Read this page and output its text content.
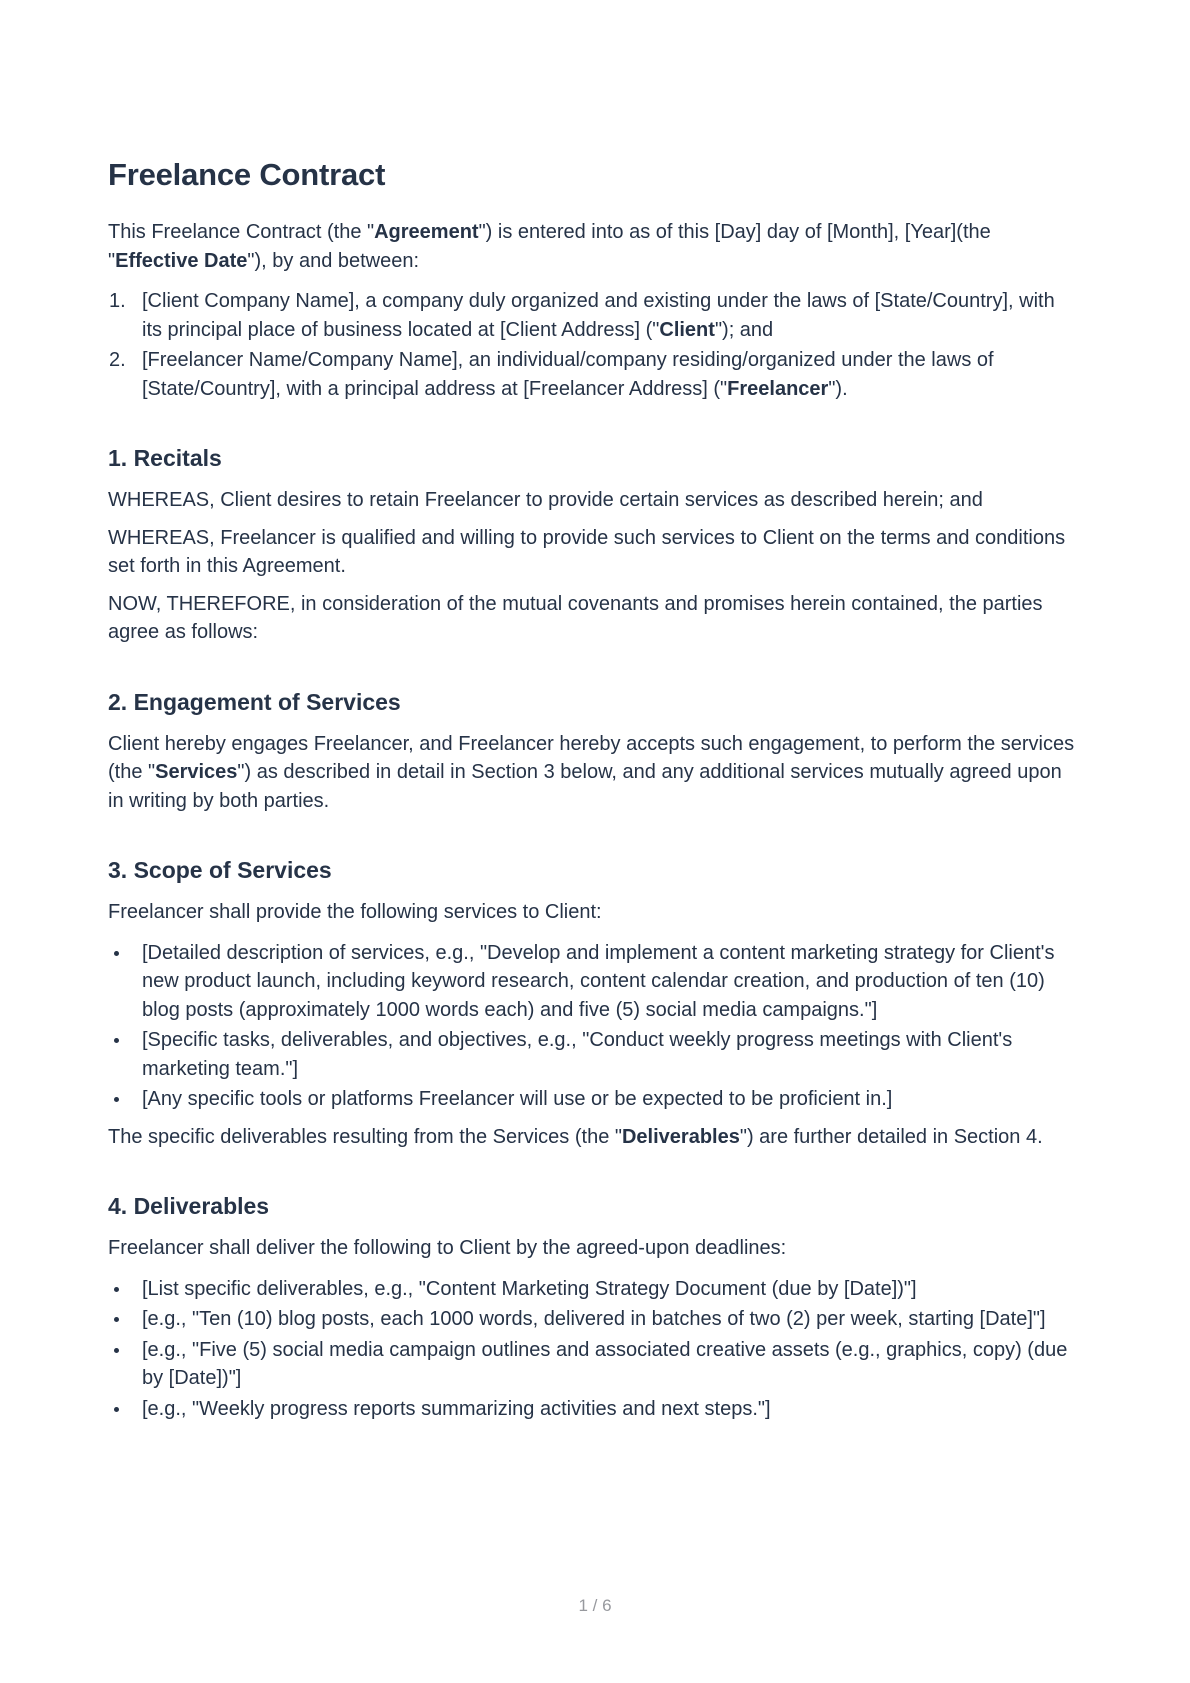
Freelance Contract

This Freelance Contract (the "Agreement") is entered into as of this [Day] day of [Month], [Year](the "Effective Date"), by and between:

[Client Company Name], a company duly organized and existing under the laws of [State/Country], with its principal place of business located at [Client Address] ("Client"); and
[Freelancer Name/Company Name], an individual/company residing/organized under the laws of [State/Country], with a principal address at [Freelancer Address] ("Freelancer").
1. Recitals

WHEREAS, Client desires to retain Freelancer to provide certain services as described herein; and

WHEREAS, Freelancer is qualified and willing to provide such services to Client on the terms and conditions set forth in this Agreement.

NOW, THEREFORE, in consideration of the mutual covenants and promises herein contained, the parties agree as follows:

2. Engagement of Services

Client hereby engages Freelancer, and Freelancer hereby accepts such engagement, to perform the services (the "Services") as described in detail in Section 3 below, and any additional services mutually agreed upon in writing by both parties.

3. Scope of Services

Freelancer shall provide the following services to Client:

[Detailed description of services, e.g., "Develop and implement a content marketing strategy for Client's new product launch, including keyword research, content calendar creation, and production of ten (10) blog posts (approximately 1000 words each) and five (5) social media campaigns."]
[Specific tasks, deliverables, and objectives, e.g., "Conduct weekly progress meetings with Client's marketing team."]
[Any specific tools or platforms Freelancer will use or be expected to be proficient in.]

The specific deliverables resulting from the Services (the "Deliverables") are further detailed in Section 4.

4. Deliverables

Freelancer shall deliver the following to Client by the agreed-upon deadlines:

[List specific deliverables, e.g., "Content Marketing Strategy Document (due by [Date])"]
[e.g., "Ten (10) blog posts, each 1000 words, delivered in batches of two (2) per week, starting [Date]"]
[e.g., "Five (5) social media campaign outlines and associated creative assets (e.g., graphics, copy) (due by [Date])"]
[e.g., "Weekly progress reports summarizing activities and next steps."]
1 / 6
